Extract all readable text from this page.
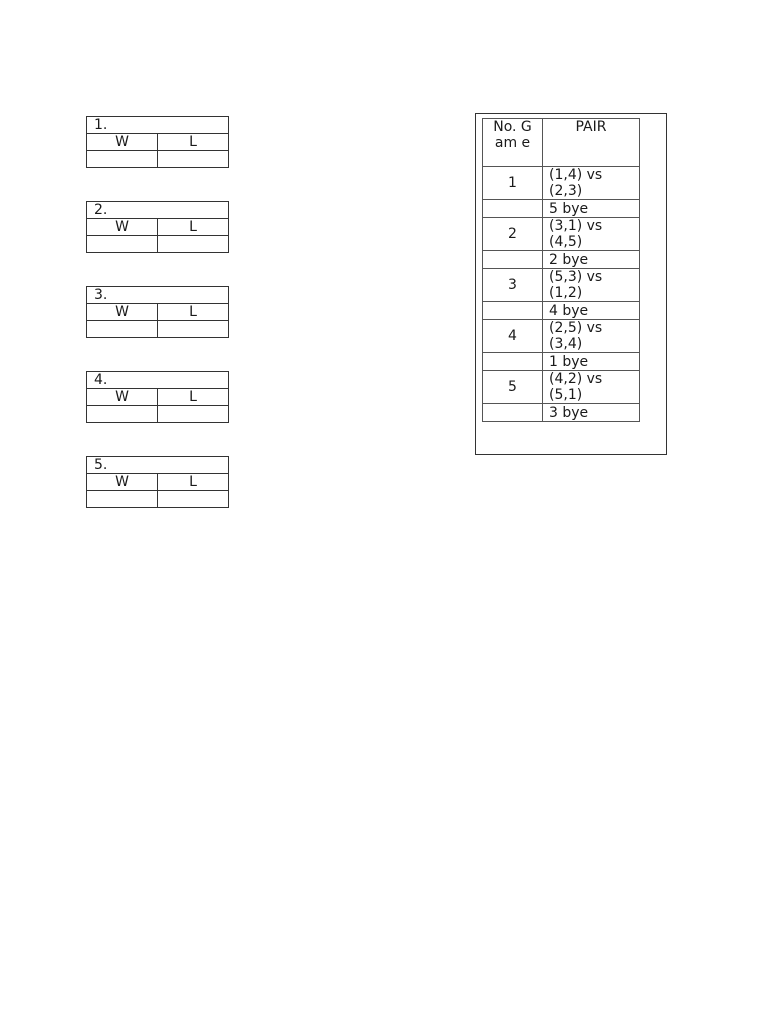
1.	
W	L

2.	
W	L

3.	
W	L

4.	
W	L

5.	
W	L

No. Gam e	PAIR
1	(1,4) vs (2,3)
	5 bye
2	(3,1) vs (4,5)
	2 bye
3	(5,3) vs (1,2)
	4 bye
4	(2,5) vs (3,4)
	1 bye
5	(4,2) vs (5,1)
	3 bye
